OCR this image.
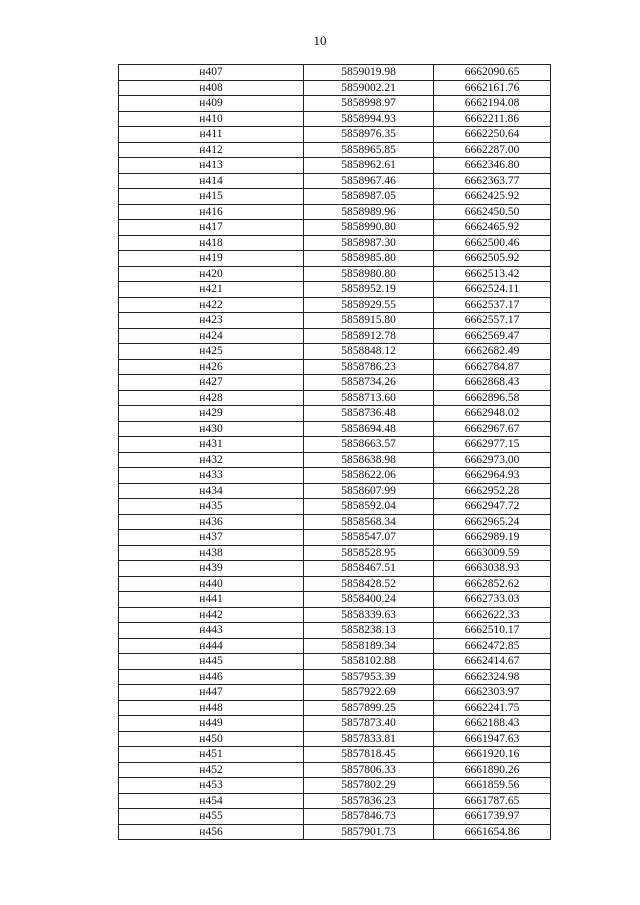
10
н407	5859019.98	6662090.65
н408	5859002.21	6662161.76
н409	5858998.97	6662194.08
н410	5858994.93	6662211.86
н411	5858976.35	6662250.64
н412	5858965.85	6662287.00
н413	5858962.61	6662346.80
н414	5858967.46	6662363.77
н415	5858987.05	6662425.92
н416	5858989.96	6662450.50
н417	5858990.80	6662465.92
н418	5858987.30	6662500.46
н419	5858985.80	6662505.92
н420	5858980.80	6662513.42
н421	5858952.19	6662524.11
н422	5858929.55	6662537.17
н423	5858915.80	6662557.17
н424	5858912.78	6662569.47
н425	5858848.12	6662682.49
н426	5858786.23	6662784.87
н427	5858734.26	6662868.43
н428	5858713.60	6662896.58
н429	5858736.48	6662948.02
н430	5858694.48	6662967.67
н431	5858663.57	6662977.15
н432	5858638.98	6662973.00
н433	5858622.06	6662964.93
н434	5858607.99	6662952.28
н435	5858592.04	6662947.72
н436	5858568.34	6662965.24
н437	5858547.07	6662989.19
н438	5858528.95	6663009.59
н439	5858467.51	6663038.93
н440	5858428.52	6662852.62
н441	5858400.24	6662733.03
н442	5858339.63	6662622.33
н443	5858238.13	6662510.17
н444	5858189.34	6662472.85
н445	5858102.88	6662414.67
н446	5857953.39	6662324.98
н447	5857922.69	6662303.97
н448	5857899.25	6662241.75
н449	5857873.40	6662188.43
н450	5857833.81	6661947.63
н451	5857818.45	6661920.16
н452	5857806.33	6661890.26
н453	5857802.29	6661859.56
н454	5857836.23	6661787.65
н455	5857846.73	6661739.97
н456	5857901.73	6661654.86
